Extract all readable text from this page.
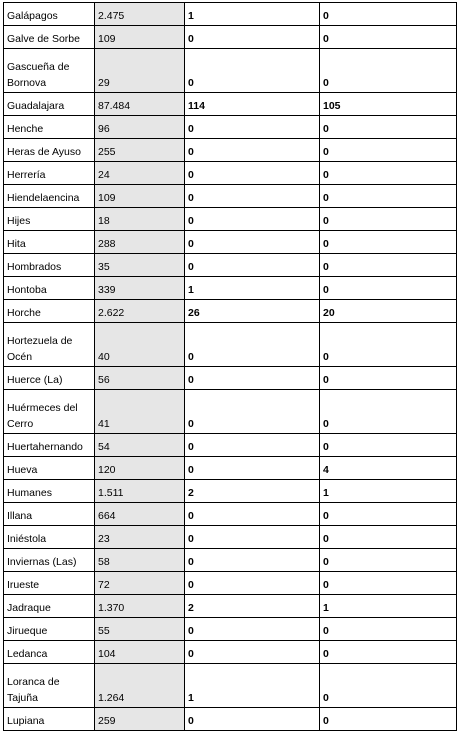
Galápagos	2.475	1	0
Galve de Sorbe	109	0	0
Gascueña de Bornova	29	0	0
Guadalajara	87.484	114	105
Henche	96	0	0
Heras de Ayuso	255	0	0
Herrería	24	0	0
Hiendelaencina	109	0	0
Hijes	18	0	0
Hita	288	0	0
Hombrados	35	0	0
Hontoba	339	1	0
Horche	2.622	26	20
Hortezuela de Océn	40	0	0
Huerce (La)	56	0	0
Huérmeces del Cerro	41	0	0
Huertahernando	54	0	0
Hueva	120	0	4
Humanes	1.511	2	1
Illana	664	0	0
Iniéstola	23	0	0
Inviernas (Las)	58	0	0
Irueste	72	0	0
Jadraque	1.370	2	1
Jirueque	55	0	0
Ledanca	104	0	0
Loranca de Tajuña	1.264	1	0
Lupiana	259	0	0
